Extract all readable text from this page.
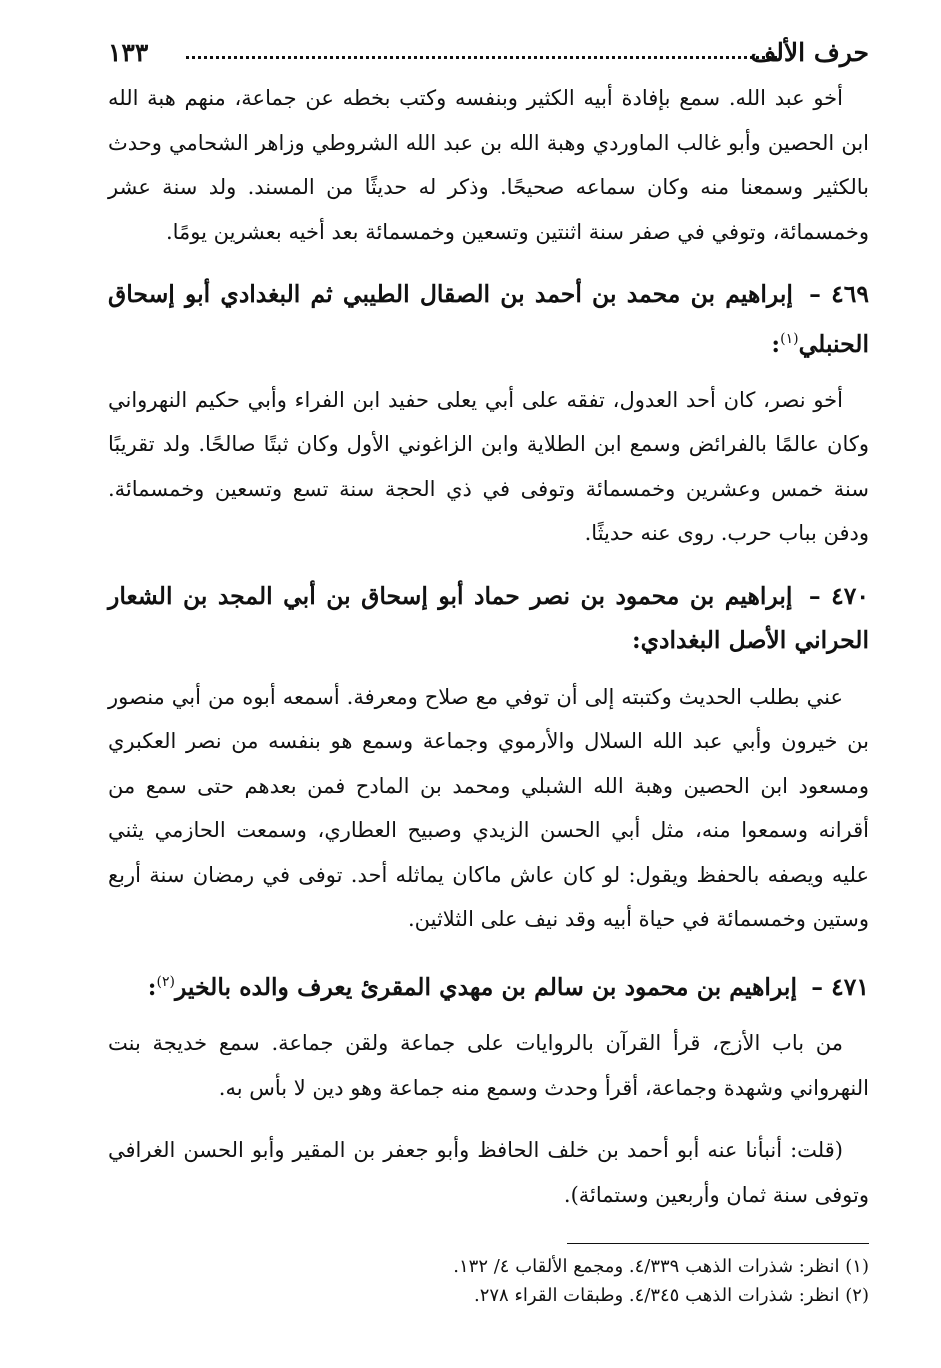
حرف الألف
١٣٣

أخو عبد الله. سمع بإفادة أبيه الكثير وبنفسه وكتب بخطه عن جماعة، منهم هبة الله ابن الحصين وأبو غالب الماوردي وهبة الله بن عبد الله الشروطي وزاهر الشحامي وحدث بالكثير وسمعنا منه وكان سماعه صحيحًا. وذكر له حديثًا من المسند. ولد سنة عشر وخمسمائة، وتوفي في صفر سنة اثنتين وتسعين وخمسمائة بعد أخيه بعشرين يومًا.

٤٦٩ – إبراهيم بن محمد بن أحمد بن الصقال الطيبي ثم البغدادي أبو إسحاق الحنبلي$^{(١)}$:

أخو نصر، كان أحد العدول، تفقه على أبي يعلى حفيد ابن الفراء وأبي حكيم النهرواني وكان عالمًا بالفرائض وسمع ابن الطلاية وابن الزاغوني الأول وكان ثبتًا صالحًا. ولد تقريبًا سنة خمس وعشرين وخمسمائة وتوفى في ذي الحجة سنة تسع وتسعين وخمسمائة. ودفن بباب حرب. روى عنه حديثًا.

٤٧٠ – إبراهيم بن محمود بن نصر حماد أبو إسحاق بن أبي المجد بن الشعار الحراني الأصل البغدادي:

عني بطلب الحديث وكتبته إلى أن توفي مع صلاح ومعرفة. أسمعه أبوه من أبي منصور بن خيرون وأبي عبد الله السلال والأرموي وجماعة وسمع هو بنفسه من نصر العكبري ومسعود ابن الحصين وهبة الله الشبلي ومحمد بن المادح فمن بعدهم حتى سمع من أقرانه وسمعوا منه، مثل أبي الحسن الزيدي وصبيح العطاري، وسمعت الحازمي يثني عليه ويصفه بالحفظ ويقول: لو كان عاش ماكان يماثله أحد. توفى في رمضان سنة أربع وستين وخمسمائة في حياة أبيه وقد نيف على الثلاثين.

٤٧١ – إبراهيم بن محمود بن سالم بن مهدي المقرئ يعرف والده بالخير$^{(٢)}$:

من باب الأزج، قرأ القرآن بالروايات على جماعة ولقن جماعة. سمع خديجة بنت النهرواني وشهدة وجماعة، أقرأ وحدث وسمع منه جماعة وهو دين لا بأس به.

(قلت: أنبأنا عنه أبو أحمد بن خلف الحافظ وأبو جعفر بن المقير وأبو الحسن الغرافي وتوفى سنة ثمان وأربعين وستمائة).

(١) انظر: شذرات الذهب ٤/٣٣٩. ومجمع الألقاب ٤/ ١٣٢.

(٢) انظر: شذرات الذهب ٤/٣٤٥. وطبقات القراء ٢٧٨.
